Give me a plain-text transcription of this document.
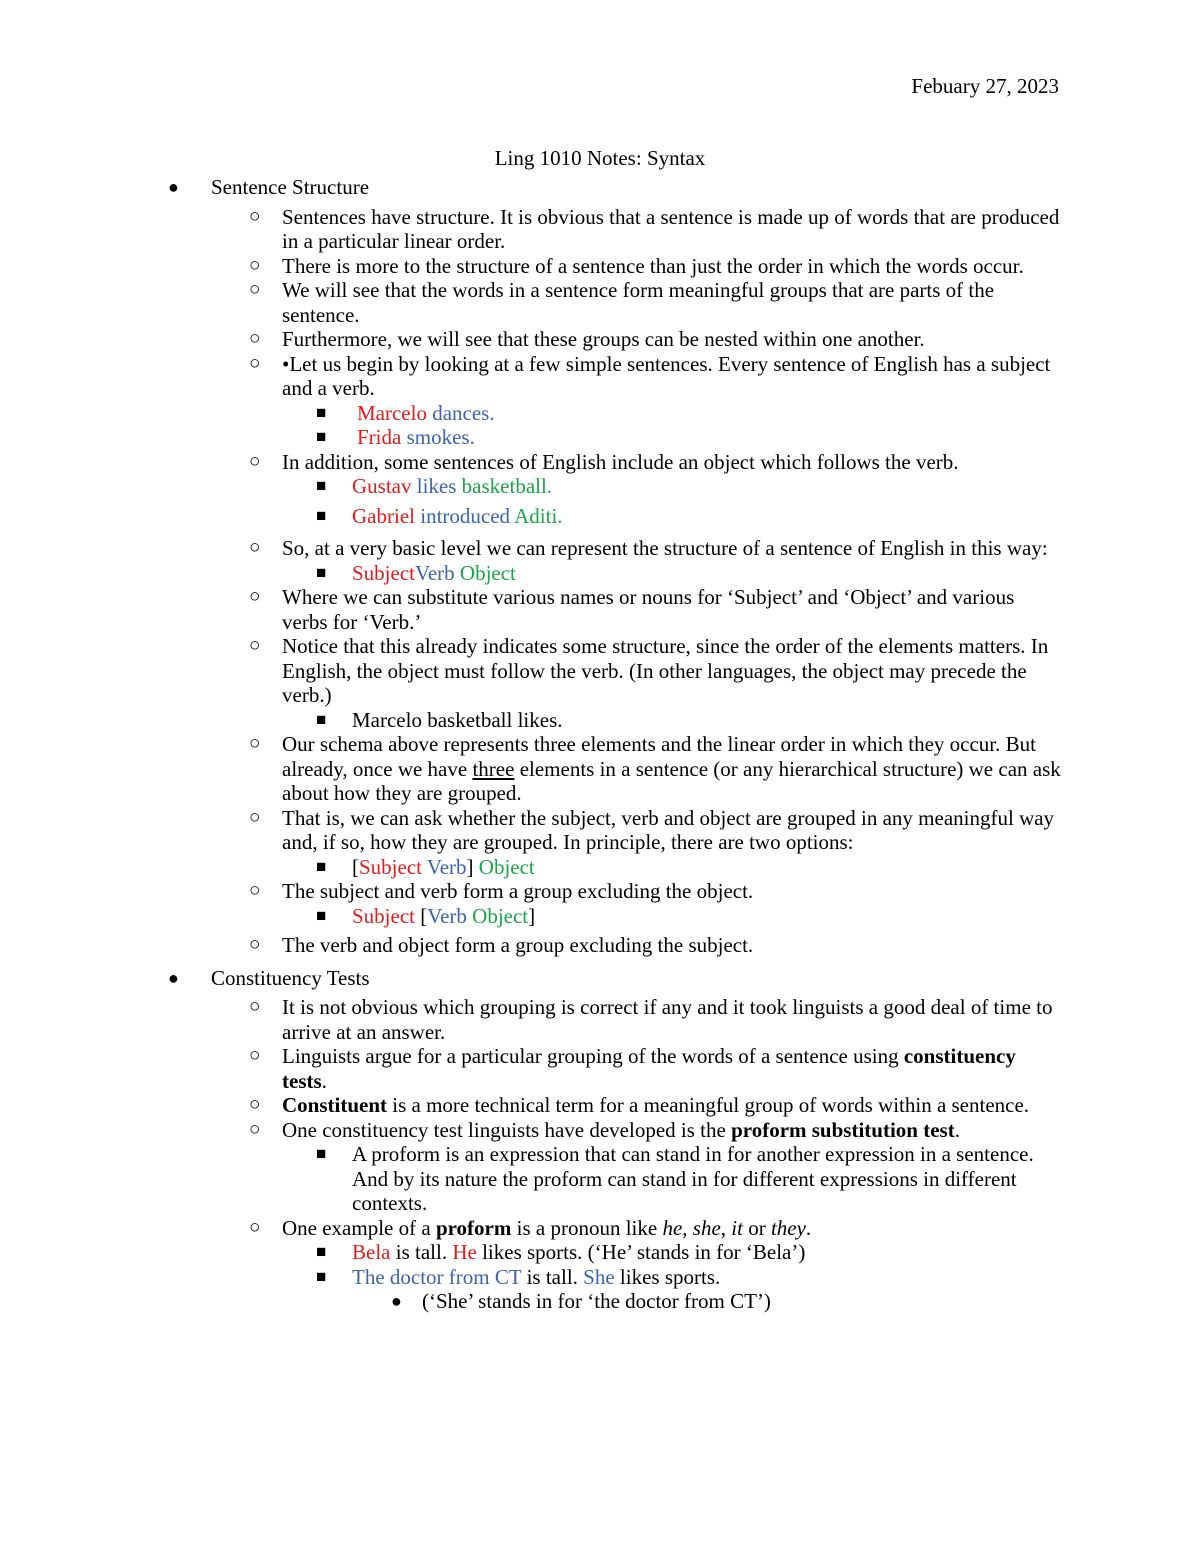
Febuary 27, 2023
Ling 1010 Notes: Syntax
● Sentence Structure
○ Sentences have structure. It is obvious that a sentence is made up of words that are produced in a particular linear order.
○ There is more to the structure of a sentence than just the order in which the words occur.
○ We will see that the words in a sentence form meaningful groups that are parts of the sentence.
○ Furthermore, we will see that these groups can be nested within one another.
○ •Let us begin by looking at a few simple sentences. Every sentence of English has a subject and a verb.
■ Marcelo dances.
■ Frida smokes.
○ In addition, some sentences of English include an object which follows the verb.
■ Gustav likes basketball.
■ Gabriel introduced Aditi.
○ So, at a very basic level we can represent the structure of a sentence of English in this way:
■ SubjectVerb Object
○ Where we can substitute various names or nouns for ‘Subject’ and ‘Object’ and various verbs for ‘Verb.’
○ Notice that this already indicates some structure, since the order of the elements matters. In English, the object must follow the verb. (In other languages, the object may precede the verb.)
■ Marcelo basketball likes.
○ Our schema above represents three elements and the linear order in which they occur. But already, once we have three elements in a sentence (or any hierarchical structure) we can ask about how they are grouped.
○ That is, we can ask whether the subject, verb and object are grouped in any meaningful way and, if so, how they are grouped. In principle, there are two options:
■ [Subject Verb] Object
○ The subject and verb form a group excluding the object.
■ Subject [Verb Object]
○ The verb and object form a group excluding the subject.
● Constituency Tests
○ It is not obvious which grouping is correct if any and it took linguists a good deal of time to arrive at an answer.
○ Linguists argue for a particular grouping of the words of a sentence using constituency tests.
○ Constituent is a more technical term for a meaningful group of words within a sentence.
○ One constituency test linguists have developed is the proform substitution test.
■ A proform is an expression that can stand in for another expression in a sentence. And by its nature the proform can stand in for different expressions in different contexts.
○ One example of a proform is a pronoun like he, she, it or they.
■ Bela is tall. He likes sports. (‘He’ stands in for ‘Bela’)
■ The doctor from CT is tall. She likes sports.
● (‘She’ stands in for ‘the doctor from CT’)
